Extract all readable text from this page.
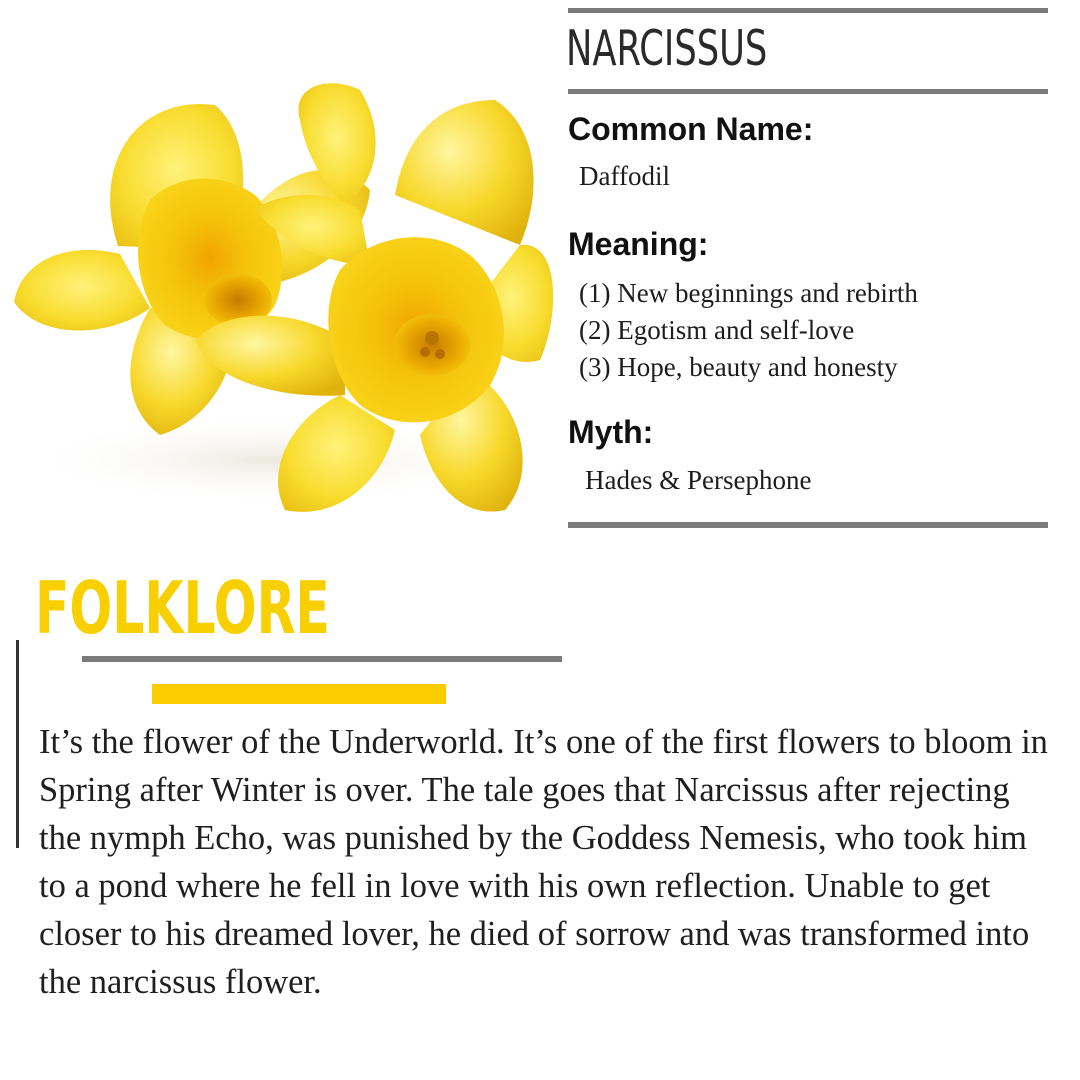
NARCISSUS
Common Name:

Daffodil

Meaning:
(1) New beginnings and rebirth
(2) Egotism and self-love
(3) Hope, beauty and honesty
Myth:

Hades & Persephone

FOLKLORE

It’s the flower of the Underworld. It’s one of the first flowers to bloom in Spring after Winter is over. The tale goes that Narcissus after rejecting the nymph Echo, was punished by the Goddess Nemesis, who took him to a pond where he fell in love with his own reflection. Unable to get closer to his dreamed lover, he died of sorrow and was transformed into the narcissus flower.
